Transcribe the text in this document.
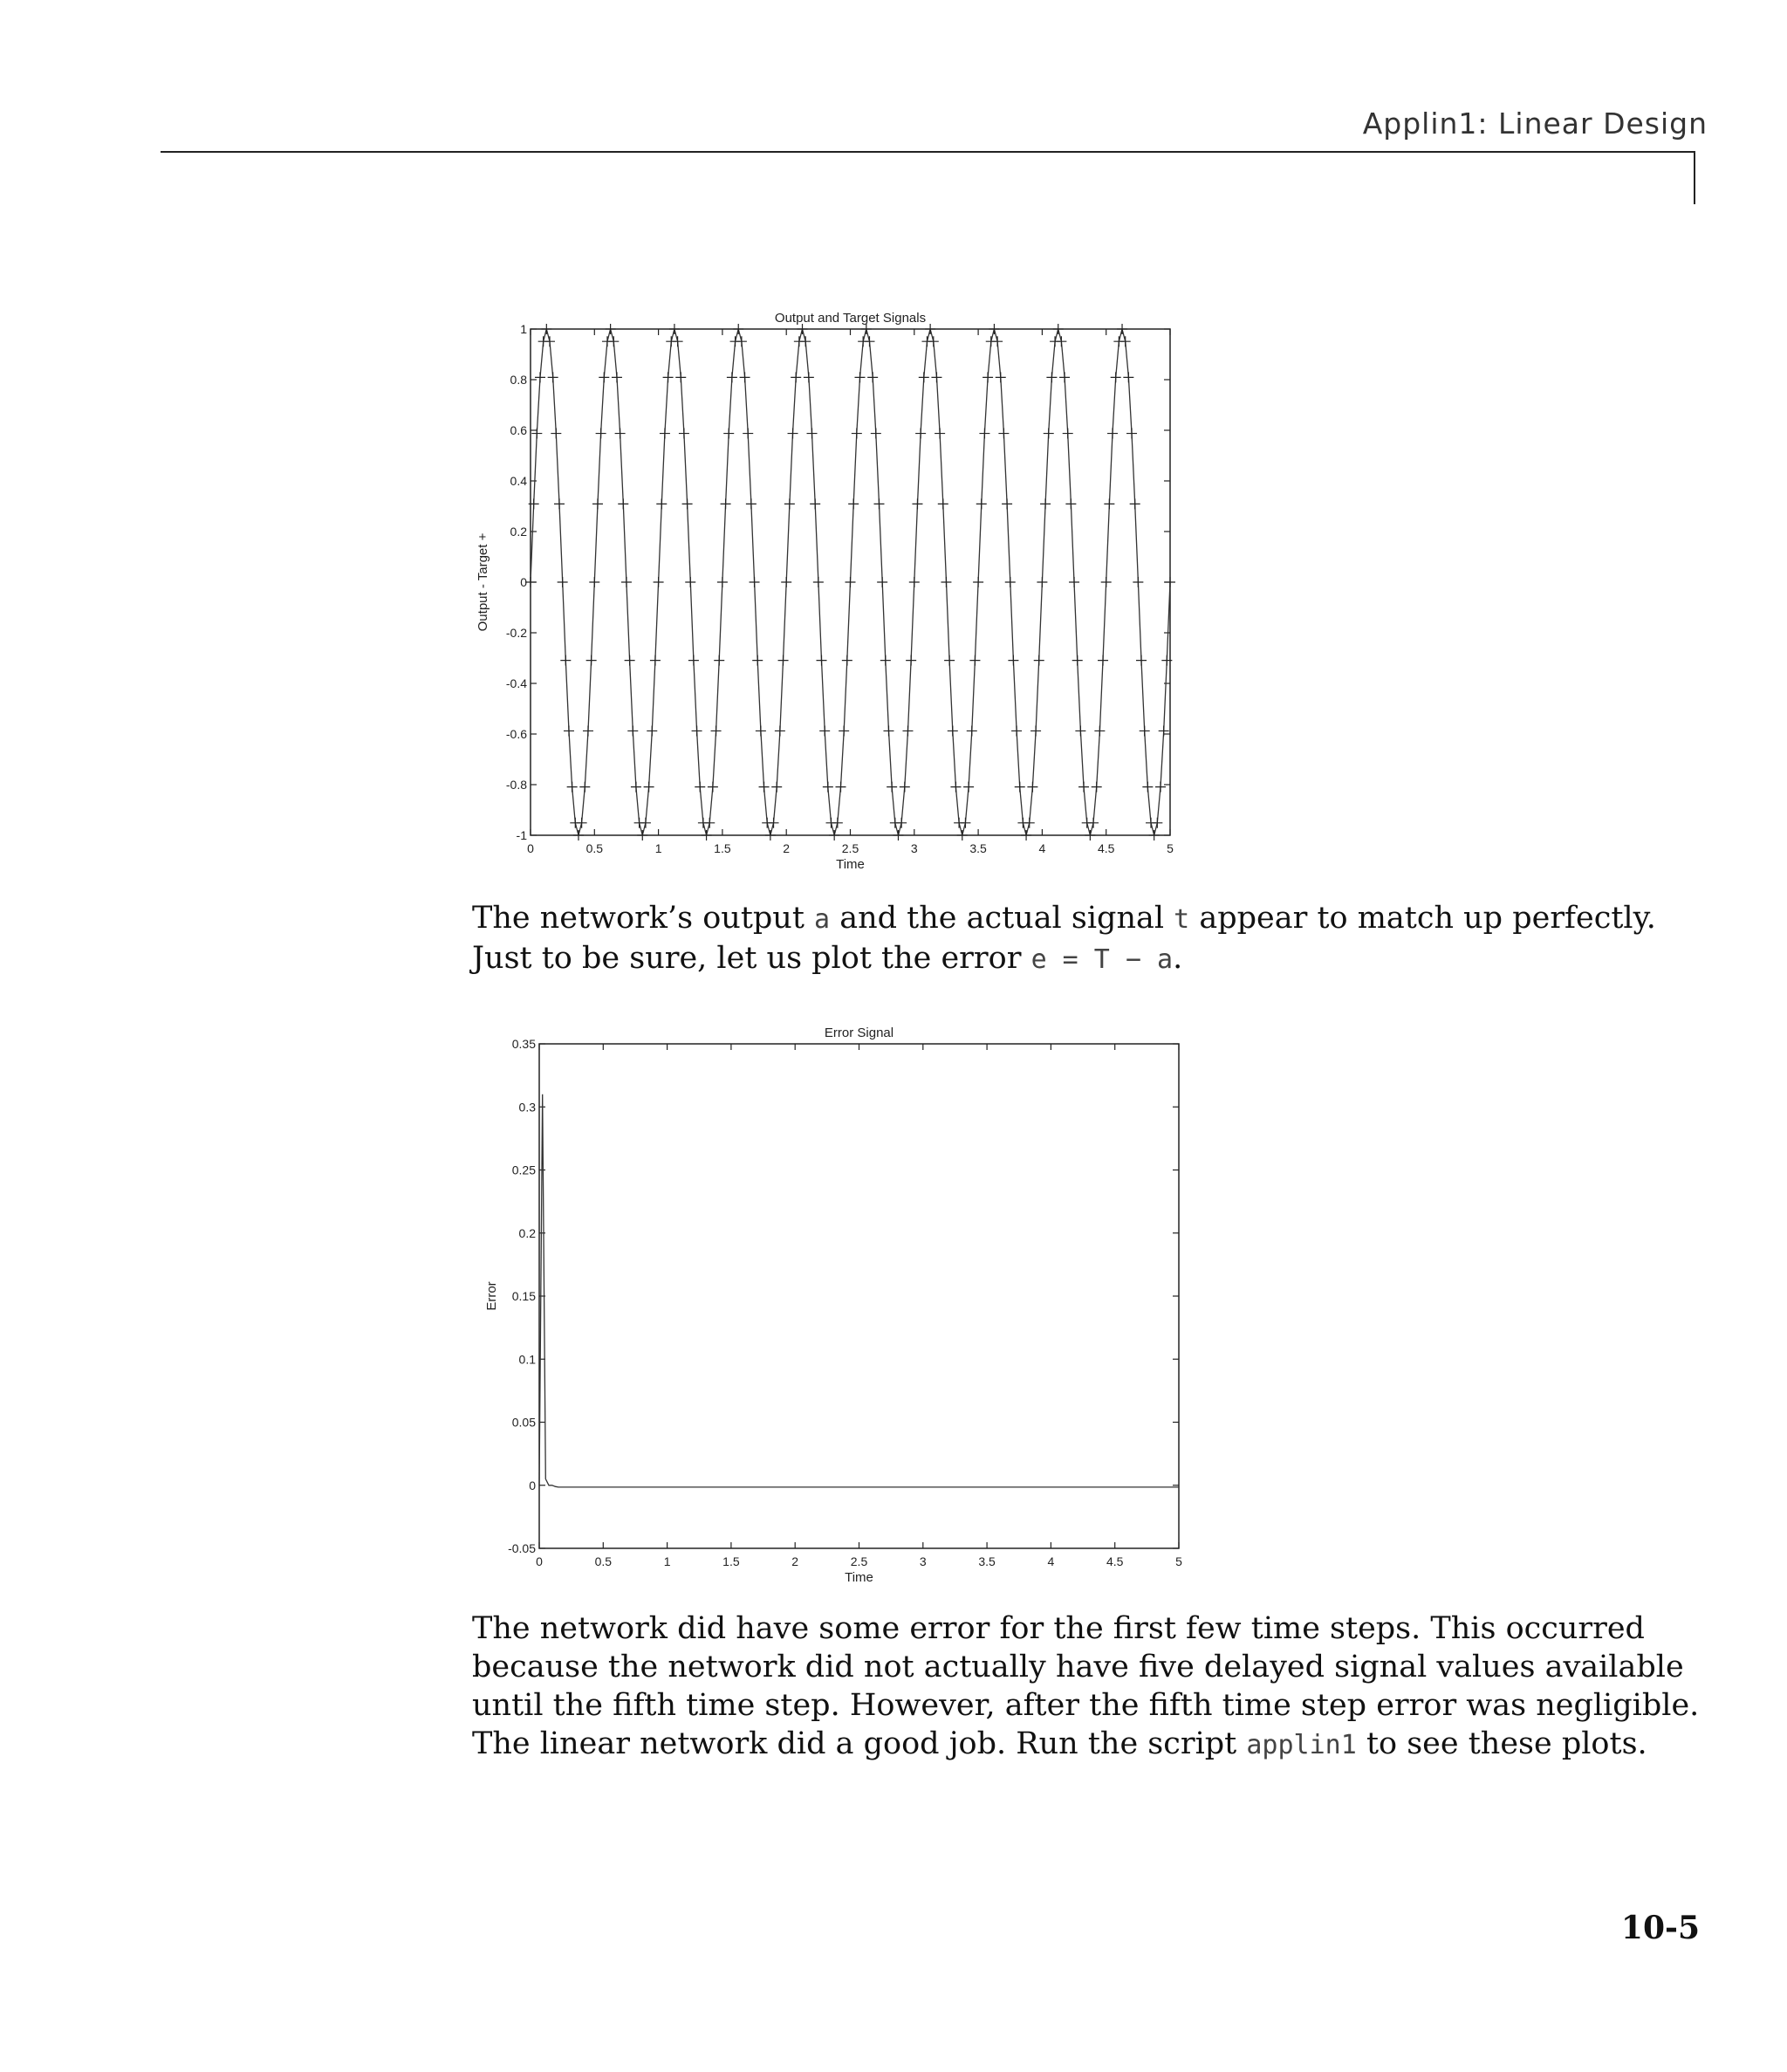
Applin1: Linear Design
0	0.5	1	1.5	2	2.5	3	3.5	4	4.5	5
-1
-0.8
-0.6
-0.4
-0.2
0
0.2
0.4
0.6
0.8
1
Output and Target Signals
Time
Output - Target +
The network’s output a and the actual signal t appear to match up perfectly. Just to be sure, let us plot the error e = T − a.
0	0.5	1	1.5	2	2.5	3	3.5	4	4.5	5
-0.05
0
0.05
0.1
0.15
0.2
0.25
0.3
0.35
Error Signal
Time
Error
The network did have some error for the first few time steps. This occurred because the network did not actually have five delayed signal values available until the fifth time step. However, after the fifth time step error was negligible. The linear network did a good job. Run the script applin1 to see these plots.
10-5
